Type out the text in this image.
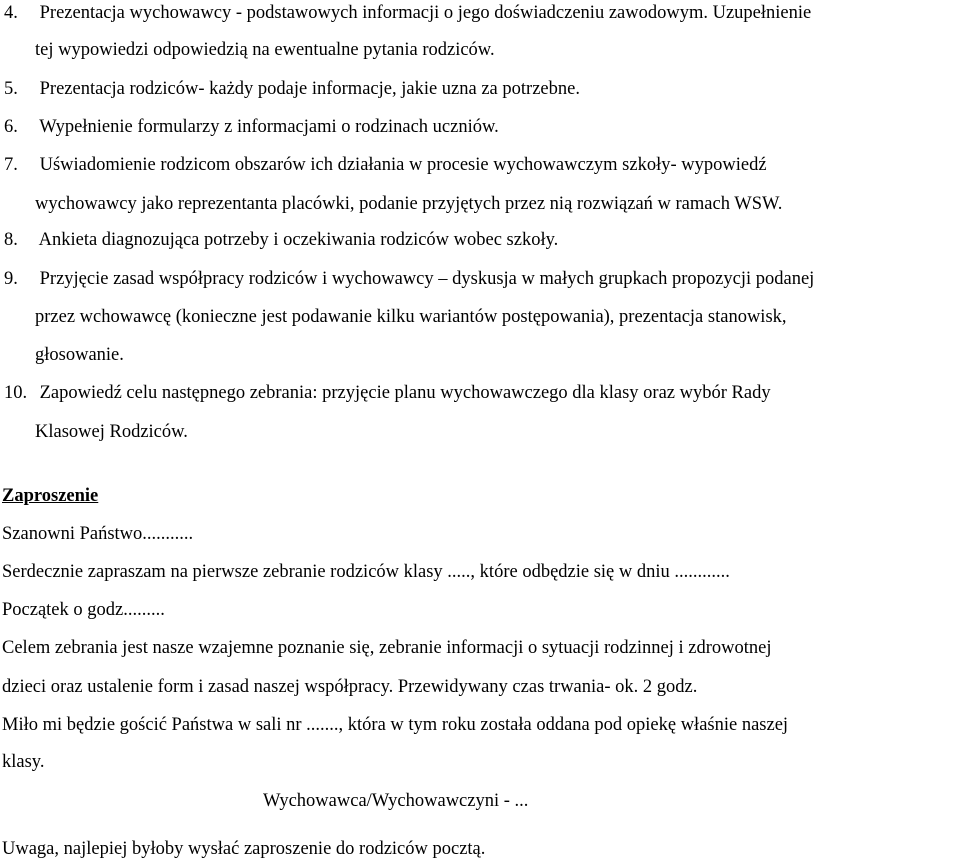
4. Prezentacja wychowawcy - podstawowych informacji o jego doświadczeniu zawodowym. Uzupełnienie
tej wypowiedzi odpowiedzią na ewentualne pytania rodziców.
5. Prezentacja rodziców- każdy podaje informacje, jakie uzna za potrzebne.
6. Wypełnienie formularzy z informacjami o rodzinach uczniów.
7. Uświadomienie rodzicom obszarów ich działania w procesie wychowawczym szkoły- wypowiedź
wychowawcy jako reprezentanta placówki, podanie przyjętych przez nią rozwiązań w ramach WSW.
8. Ankieta diagnozująca potrzeby i oczekiwania rodziców wobec szkoły.
9. Przyjęcie zasad współpracy rodziców i wychowawcy – dyskusja w małych grupkach propozycji podanej
przez wchowawcę (konieczne jest podawanie kilku wariantów postępowania), prezentacja stanowisk,
głosowanie.
10. Zapowiedź celu następnego zebrania: przyjęcie planu wychowawczego dla klasy oraz wybór Rady
Klasowej Rodziców.
Zaproszenie
Szanowni Państwo...........
Serdecznie zapraszam na pierwsze zebranie rodziców klasy ....., które odbędzie się w dniu ............
Początek o godz.........
Celem zebrania jest nasze wzajemne poznanie się, zebranie informacji o sytuacji rodzinnej i zdrowotnej
dzieci oraz ustalenie form i zasad naszej współpracy. Przewidywany czas trwania- ok. 2 godz.
Miło mi będzie gościć Państwa w sali nr ......., która w tym roku została oddana pod opiekę właśnie naszej
klasy.
Wychowawca/Wychowawczyni - ...
Uwaga, najlepiej byłoby wysłać zaproszenie do rodziców pocztą.
